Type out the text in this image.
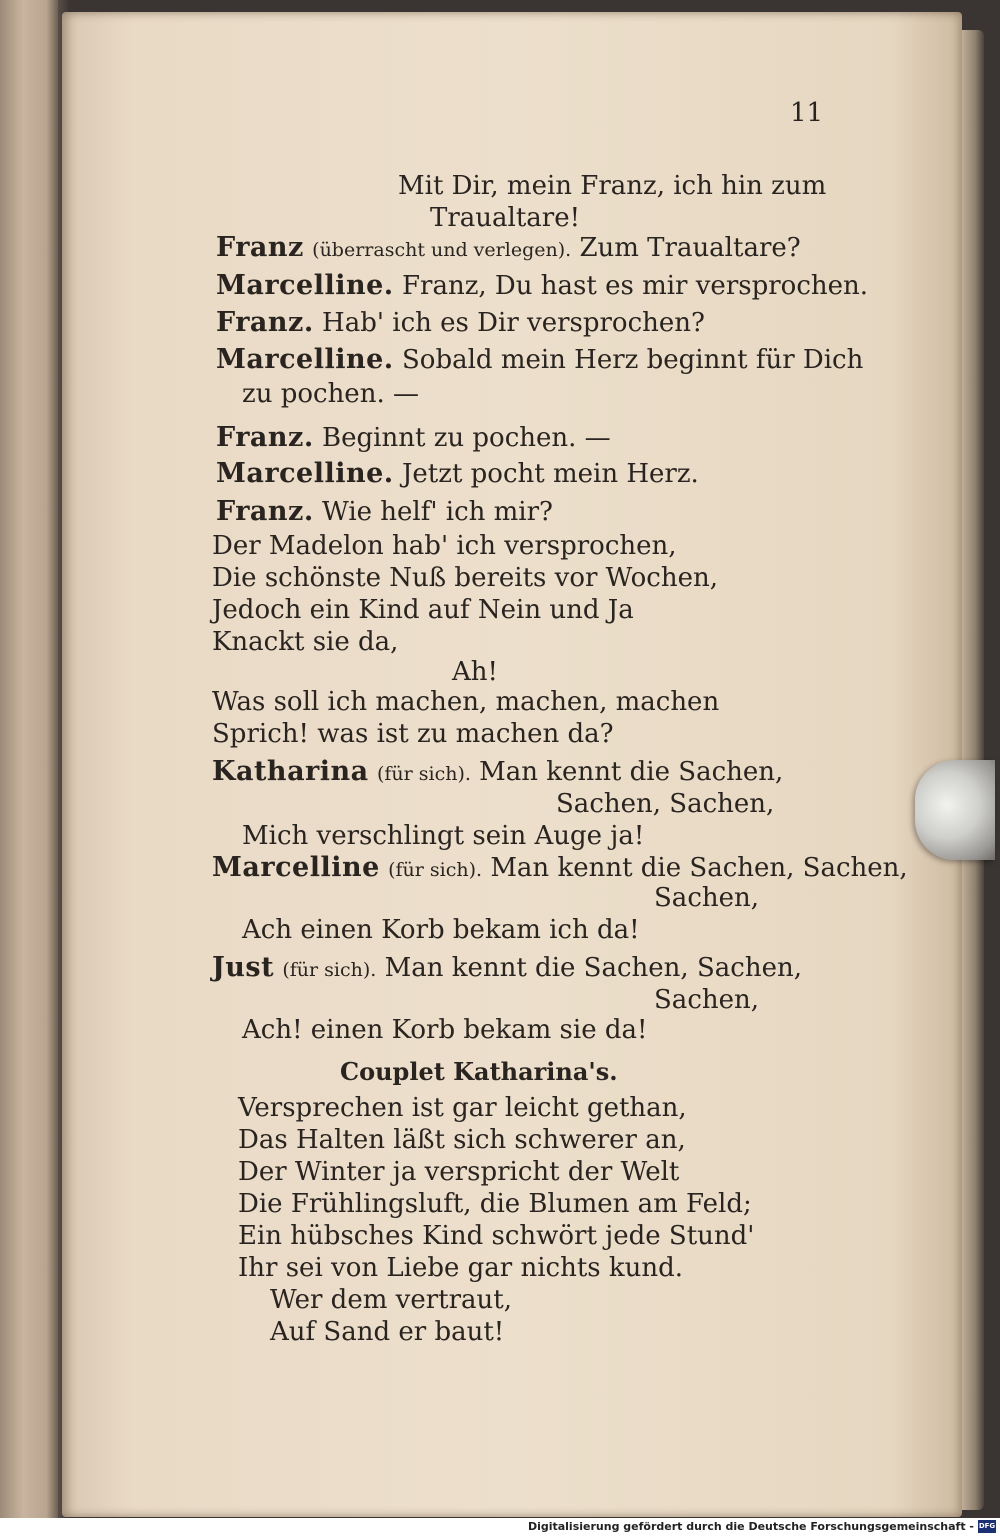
11
Mit Dir, mein Franz, ich hin zum
Traualtare!
Franz (überrascht und verlegen). Zum Traualtare?
Marcelline. Franz, Du hast es mir versprochen.
Franz. Hab' ich es Dir versprochen?
Marcelline. Sobald mein Herz beginnt für Dich
zu pochen. —
Franz. Beginnt zu pochen. —
Marcelline. Jetzt pocht mein Herz.
Franz. Wie helf' ich mir?
Der Madelon hab' ich versprochen,
Die schönste Nuß bereits vor Wochen,
Jedoch ein Kind auf Nein und Ja
Knackt sie da,
Ah!
Was soll ich machen, machen, machen
Sprich! was ist zu machen da?
Katharina (für sich). Man kennt die Sachen,
Sachen, Sachen,
Mich verschlingt sein Auge ja!
Marcelline (für sich). Man kennt die Sachen, Sachen,
Sachen,
Ach einen Korb bekam ich da!
Just (für sich). Man kennt die Sachen, Sachen,
Sachen,
Ach! einen Korb bekam sie da!
Couplet Katharina's.
Versprechen ist gar leicht gethan,
Das Halten läßt sich schwerer an,
Der Winter ja verspricht der Welt
Die Frühlingsluft, die Blumen am Feld;
Ein hübsches Kind schwört jede Stund'
Ihr sei von Liebe gar nichts kund.
Wer dem vertraut,
Auf Sand er baut!
Digitalisierung gefördert durch die Deutsche Forschungsgemeinschaft - DFG
